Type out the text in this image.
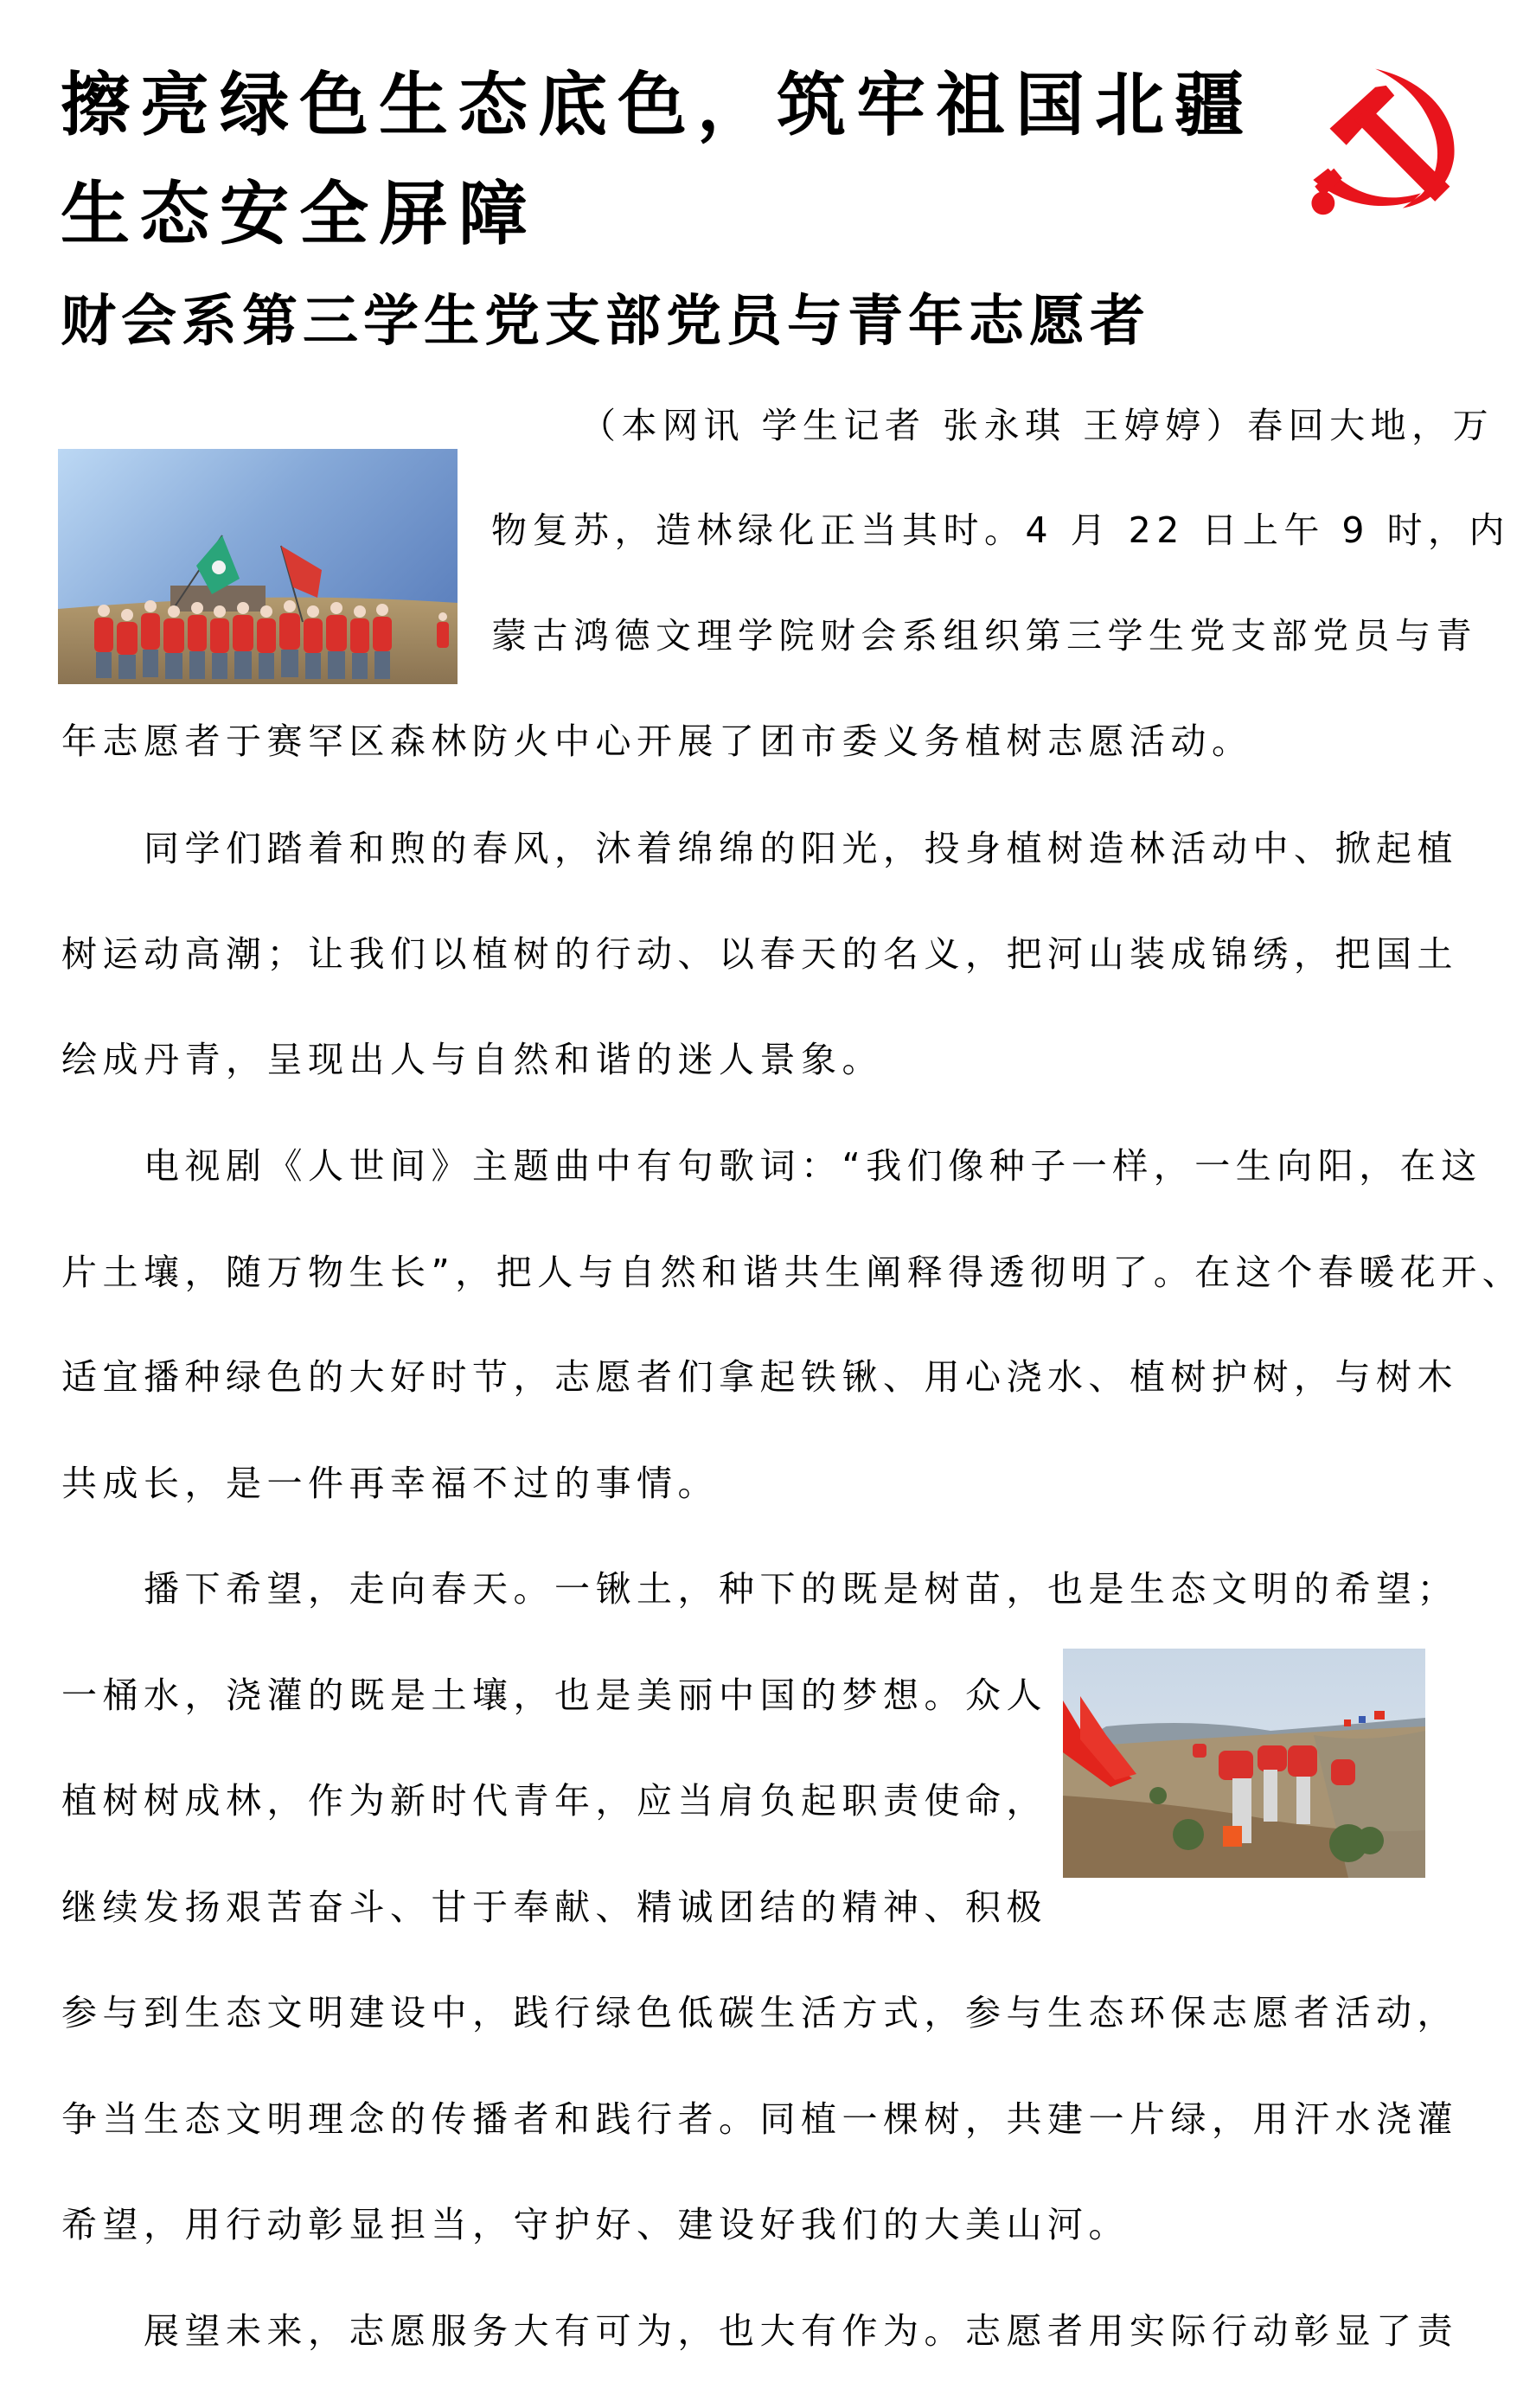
擦亮绿色生态底色，筑牢祖国北疆
生态安全屏障
财会系第三学生党支部党员与青年志愿者
（本网讯 学生记者 张永琪 王婷婷）春回大地，万
物复苏，造林绿化正当其时。4 月 22 日上午 9 时，内
蒙古鸿德文理学院财会系组织第三学生党支部党员与青
年志愿者于赛罕区森林防火中心开展了团市委义务植树志愿活动。
同学们踏着和煦的春风，沐着绵绵的阳光，投身植树造林活动中、掀起植
树运动高潮；让我们以植树的行动、以春天的名义，把河山装成锦绣，把国土
绘成丹青，呈现出人与自然和谐的迷人景象。
电视剧《人世间》主题曲中有句歌词：“我们像种子一样，一生向阳，在这
片土壤，随万物生长”，把人与自然和谐共生阐释得透彻明了。在这个春暖花开、
适宜播种绿色的大好时节，志愿者们拿起铁锹、用心浇水、植树护树，与树木
共成长，是一件再幸福不过的事情。
播下希望，走向春天。一锹土，种下的既是树苗，也是生态文明的希望；
一桶水，浇灌的既是土壤，也是美丽中国的梦想。众人
植树树成林，作为新时代青年，应当肩负起职责使命，
继续发扬艰苦奋斗、甘于奉献、精诚团结的精神、积极
参与到生态文明建设中，践行绿色低碳生活方式，参与生态环保志愿者活动，
争当生态文明理念的传播者和践行者。同植一棵树，共建一片绿，用汗水浇灌
希望，用行动彰显担当，守护好、建设好我们的大美山河。
展望未来，志愿服务大有可为，也大有作为。志愿者用实际行动彰显了责
